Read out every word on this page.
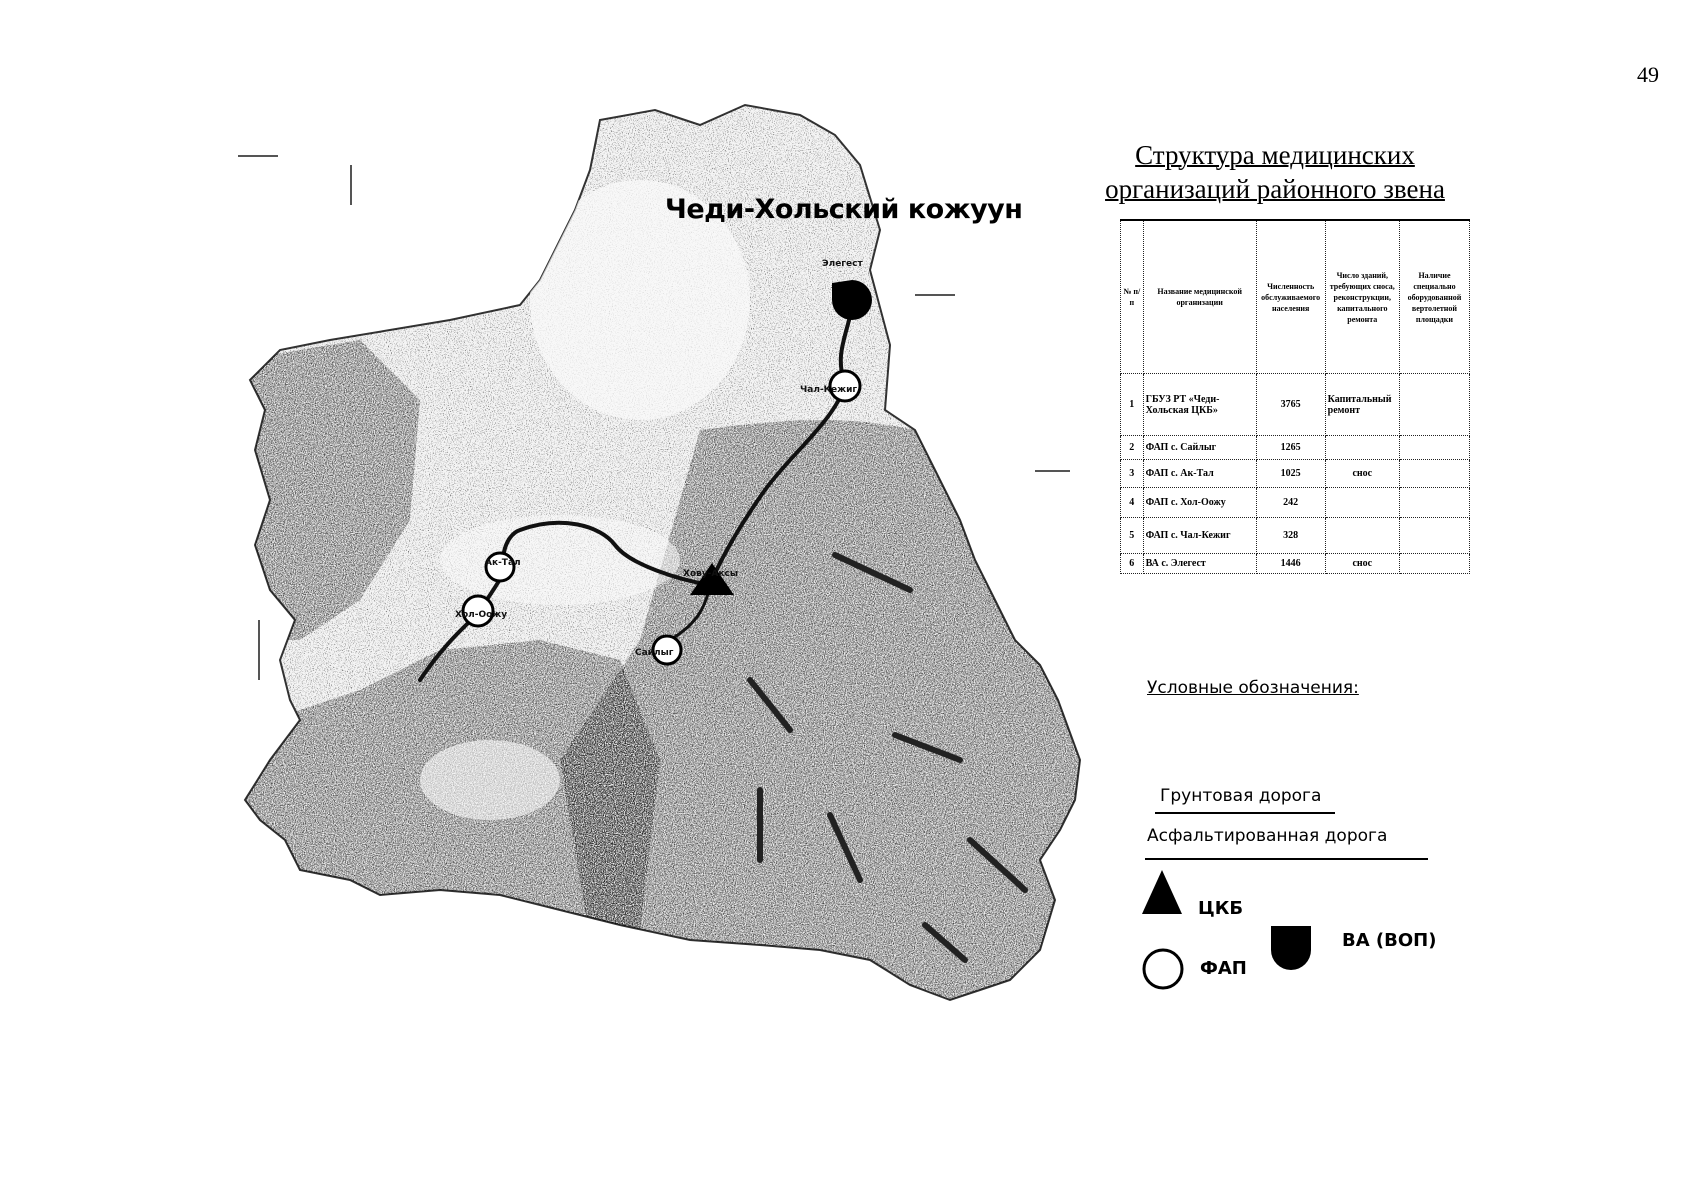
49
Элегест
Чал-Кежиг
Хову-Аксы
Ак-Тал
Хол-Оожу
Сайлыг
Чеди-Хольский кожуун
Структура медицинских
организаций районного звена
№ п/п	Название медицинской организации	Численность обслуживаемого населения	Число зданий, требующих сноса, реконструкции, капитального ремонта	Наличие специально оборудованной вертолетной площадки
1	ГБУЗ РТ «Чеди-Хольская ЦКБ»	3765	Капитальный ремонт	
2	ФАП с. Сайлыг	1265		
3	ФАП с. Ак-Тал	1025	снос	
4	ФАП с. Хол-Оожу	242		
5	ФАП с. Чал-Кежиг	328		
6	ВА с. Элегест	1446	снос	
Условные обозначения:
Грунтовая дорога
Асфальтированная дорога
ЦКБ
ФАП
ВА (ВОП)
